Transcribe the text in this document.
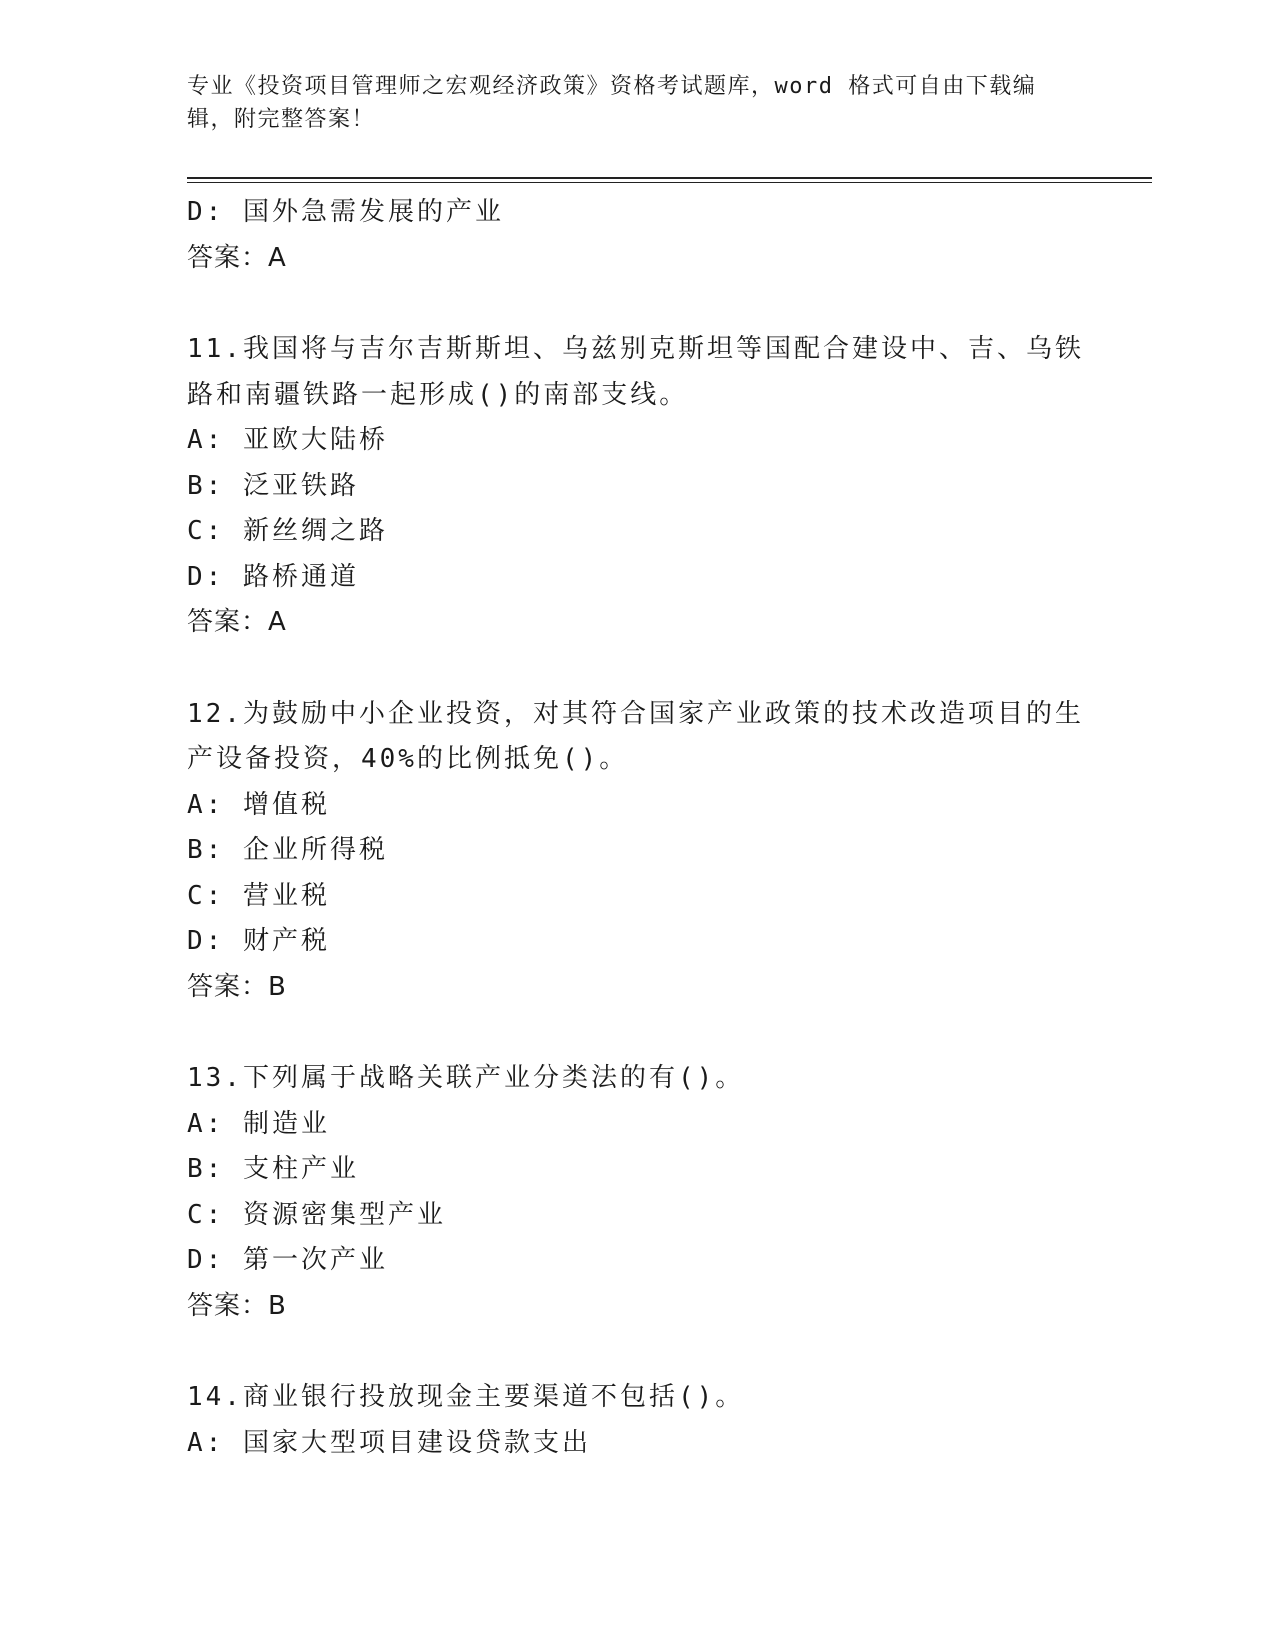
专业《投资项目管理师之宏观经济政策》资格考试题库，word 格式可自由下载编
辑，附完整答案！
D: 国外急需发展的产业
答案：A
11.我国将与吉尔吉斯斯坦、乌兹别克斯坦等国配合建设中、吉、乌铁
路和南疆铁路一起形成()的南部支线。
A: 亚欧大陆桥
B: 泛亚铁路
C: 新丝绸之路
D: 路桥通道
答案：A
12.为鼓励中小企业投资，对其符合国家产业政策的技术改造项目的生
产设备投资，40%的比例抵免()。
A: 增值税
B: 企业所得税
C: 营业税
D: 财产税
答案：B
13.下列属于战略关联产业分类法的有()。
A: 制造业
B: 支柱产业
C: 资源密集型产业
D: 第一次产业
答案：B
14.商业银行投放现金主要渠道不包括()。
A: 国家大型项目建设贷款支出
